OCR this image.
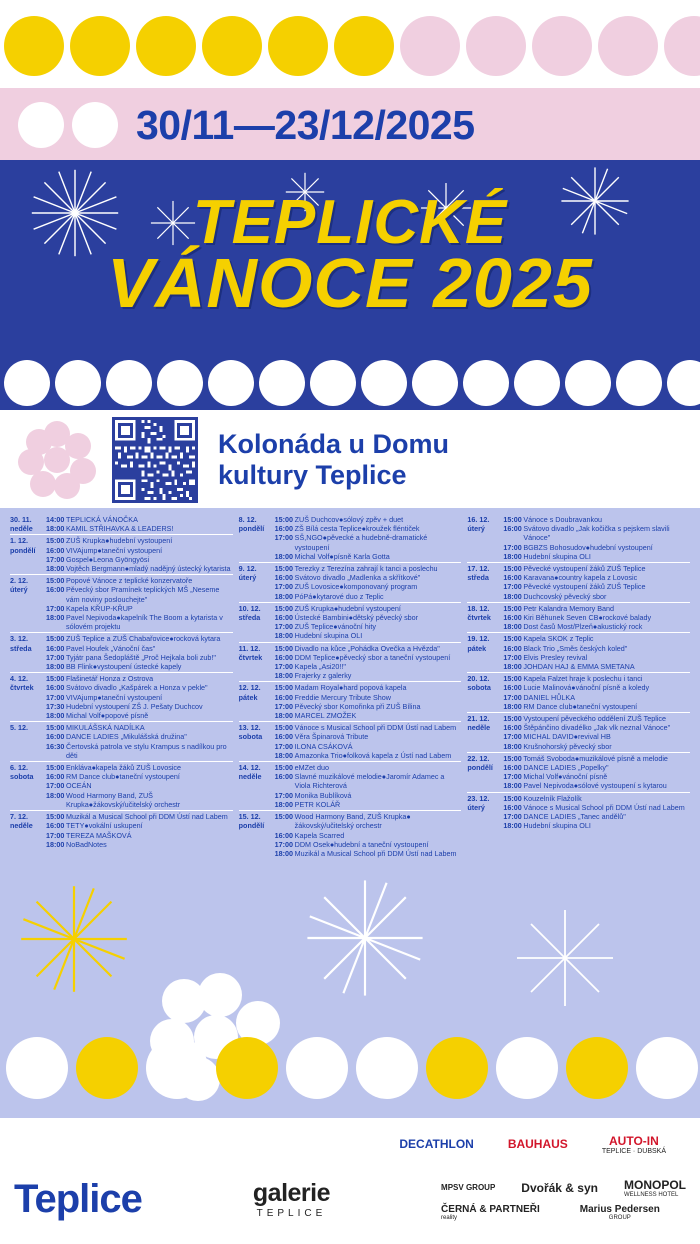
30/11—23/12/2025
TEPLICKÉ
VÁNOCE 2025
Kolonáda u Domu
kultury Teplice
30. 11.
neděle
14:00 TEPLICKÁ VÁNOČKA
18:00 KAMIL STŘIHAVKA & LEADERS!
1. 12.
pondělí
15:00 ZUŠ Krupka●hudební vystoupení
16:00 VIVAjump●taneční vystoupení
17:00 Gospel●Leona Gyöngyösi
18:00 Vojtěch Bergmann●mladý nadějný ústecký kytarista
2. 12.
úterý
15:00 Popové Vánoce z teplické konzervatoře
16:00 Pěvecký sbor Pramínek teplických MŠ „Neseme vám noviny poslouchejte"
17:00 Kapela KŘUP-KŘUP
18:00 Pavel Nepivoda●kapelník The Boom a kytarista v sólovém projektu
3. 12.
středa
15:00 ZUŠ Teplice a ZUŠ Chabařovice●rocková kytara
16:00 Pavel Houfek „Vánoční čas"
17:00 Tyjátr pana Šedopláště „Proč Hejkala boli zub!"
18:00 BB Flink●vystoupení ústecké kapely
4. 12.
čtvrtek
15:00 Flašinetář Honza z Ostrova
16:00 Svátovo divadlo „Kašpárek a Honza v pekle"
17:00 VIVAjump●taneční vystoupení
17:30 Hudební vystoupení ZŠ J. Pešaty Duchcov
18:00 Michal Volf●popové písně
5. 12.	15:00 MIKULÁŠSKÁ NADÍLKA
16:00 DANCE LADIES „Mikulášská družina"
16:30 Čertovská patrola ve stylu Krampus s nadílkou pro děti
6. 12.
sobota
15:00 Enklávа●kapela žáků ZUŠ Lovosice
16:00 RM Dance club●taneční vystoupení
17:00 OCEÁN
18:00 Wood Harmony Band, ZUŠ Krupka●žákovský/učitelský orchestr
7. 12.
neděle
15:00 Muzikál a Musical School při DDM Ústí nad Labem
16:00 TETY●vokální uskupení
17:00 TEREZA MAŠKOVÁ
18:00 NoBadNotes
8. 12.
pondělí
15:00 ZUŠ Duchcov●sólový zpěv + duet
16:00 ZŠ Bílá cesta Teplice●kroužek fléntiček
17:00 SŠ,NGO●pěvecké a hudebně-dramatické vystoupení
18:00 Michal Volf●písně Karla Gotta
9. 12.
úterý
15:00 Terezky z Terezína zahrají k tanci a poslechu
16:00 Svátovo divadlo „Madlenka a skřítkové"
17:00 ZUŠ Lovosice●komponovaný program
18:00 PóPá●kytarové duo z Teplic
10. 12.
středa
15:00 ZUŠ Krupka●hudební vystoupení
16:00 Ústecké Bambini●dětský pěvecký sbor
17:00 ZUŠ Teplice●vánoční hity
18:00 Hudební skupina OLI
11. 12.
čtvrtek
15:00 Divadlo na kůce „Pohádka Ovečka a Hvězda"
16:00 DDM Teplice●pěvecký sbor a taneční vystoupení
17:00 Kapela „Asi20!!"
18:00 Frajerky z galerky
12. 12.
pátek
15:00 Madam Royal●hard popová kapela
16:00 Freddie Mercury Tribute Show
17:00 Pěvecký sbor Komořinka při ZUŠ Bílina
18:00 MARCEL ZMOŽEK
13. 12.
sobota
15:00 Vánoce s Musical School při DDM Ústí nad Labem
16:00 Věra Špinarová Tribute
17:00 ILONA CSÁKOVÁ
18:00 Amazonka Trio●folková kapela z Ústí nad Labem
14. 12.
neděle
15:00 eMZet duo
16:00 Slavné muzikálové melodie●Jaromír Adamec a Viola Richterová
17:00 Monika Bublíková
18:00 PETR KOLÁŘ
15. 12.
pondělí
15:00 Wood Harmony Band, ZUŠ Krupka● žákovský/učitelský orchestr
16:00 Kapela Scarred
17:00 DDM Osek●hudební a taneční vystoupení
18:00 Muzikál a Musical School při DDM Ústí nad Labem
16. 12.
úterý
15:00 Vánoce s Doubravankou
16:00 Svátovo divadlo „Jak kočička s pejskem slavili Vánoce"
17:00 BGBZS Bohosudov●hudební vystoupení
18:00 Hudební skupina OLI
17. 12.
středa
15:00 Pěvecké vystoupení žáků ZUŠ Teplice
16:00 Karavana●country kapela z Lovosic
17:00 Pěvecké vystoupení žáků ZUŠ Teplice
18:00 Duchcovský pěvecký sbor
18. 12.
čtvrtek
15:00 Petr Kalandra Memory Band
16:00 Kiri Běhunek Seven CB●rockové balady
18:00 Dost časů Most/Plzeň●akustický rock
19. 12.
pátek
15:00 Kapela SKOK z Teplic
16:00 Black Trio „Směs českých koled"
17:00 Elvis Presley revival
18:00 JOHDAN HAJ & EMMA SMETANA
20. 12.
sobota
15:00 Kapela Falzet hraje k poslechu i tanci
16:00 Lucie Malinová●vánoční písně a koledy
17:00 DANIEL HŮLKA
18:00 RM Dance club●taneční vystoupení
21. 12.
neděle
15:00 Vystoupení pěveckého oddělení ZUŠ Teplice
16:00 Štěpánčino divadélko „Jak vlk neznal Vánoce"
17:00 MICHAL DAVID●revival HB
18:00 Krušnohorský pěvecký sbor
22. 12.
pondělí
15:00 Tomáš Svoboda●muzikálové písně a melodie
16:00 DANCE LADIES „Popelky"
17:00 Michal Volf●vánoční písně
18:00 Pavel Nepivoda●sólové vystoupení s kytarou
23. 12.
úterý
15:00 Kouzelník Flažolík
16:00 Vánoce s Musical School při DDM Ústí nad Labem
17:00 DANCE LADIES „Tanec andělů"
18:00 Hudební skupina OLI
DECATHLON	BAUHAUS	AUTO‑IN
TEPLICE · DUBSKÁ
Teplice	galerie
TEPLICE
MPSV GROUP Dvořák & syn MONOPOL
WELLNESS HOTEL
ČERNÁ & PARTNEŘI
reality
Marius Pedersen
GROUP
